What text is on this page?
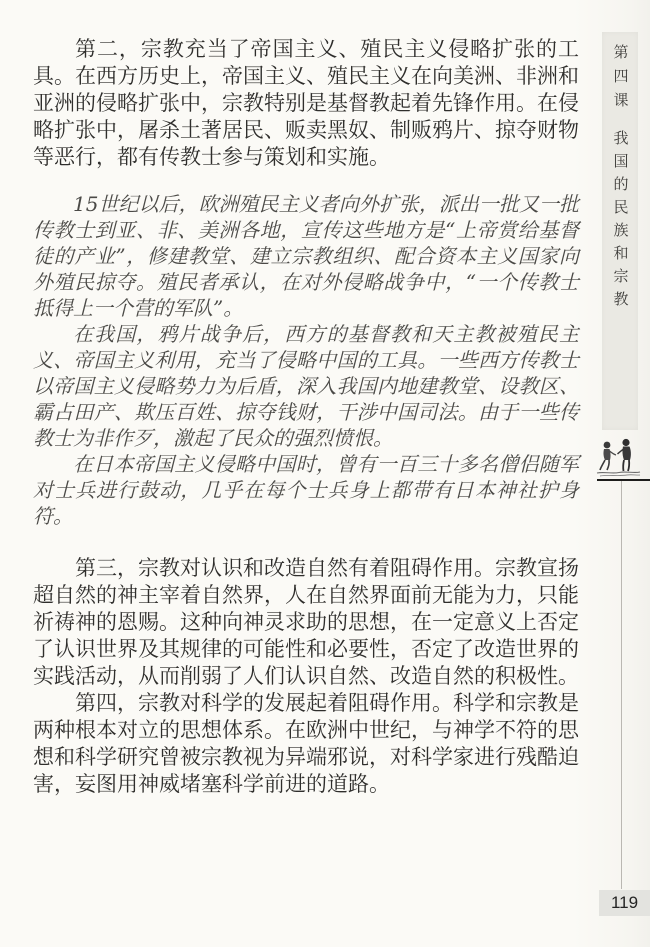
第二，宗教充当了帝国主义、殖民主义侵略扩张的工具。在西方历史上，帝国主义、殖民主义在向美洲、非洲和亚洲的侵略扩张中，宗教特别是基督教起着先锋作用。在侵略扩张中，屠杀土著居民、贩卖黑奴、制贩鸦片、掠夺财物等恶行，都有传教士参与策划和实施。

15世纪以后，欧洲殖民主义者向外扩张，派出一批又一批传教士到亚、非、美洲各地，宣传这些地方是“上帝赏给基督徒的产业”，修建教堂、建立宗教组织、配合资本主义国家向外殖民掠夺。殖民者承认，在对外侵略战争中，“一个传教士抵得上一个营的军队”。

在我国，鸦片战争后，西方的基督教和天主教被殖民主义、帝国主义利用，充当了侵略中国的工具。一些西方传教士以帝国主义侵略势力为后盾，深入我国内地建教堂、设教区、霸占田产、欺压百姓、掠夺钱财，干涉中国司法。由于一些传教士为非作歹，激起了民众的强烈愤恨。

在日本帝国主义侵略中国时，曾有一百三十多名僧侣随军对士兵进行鼓动，几乎在每个士兵身上都带有日本神社护身符。

第三，宗教对认识和改造自然有着阻碍作用。宗教宣扬超自然的神主宰着自然界，人在自然界面前无能为力，只能祈祷神的恩赐。这种向神灵求助的思想，在一定意义上否定了认识世界及其规律的可能性和必要性，否定了改造世界的实践活动，从而削弱了人们认识自然、改造自然的积极性。

第四，宗教对科学的发展起着阻碍作用。科学和宗教是两种根本对立的思想体系。在欧洲中世纪，与神学不符的思想和科学研究曾被宗教视为异端邪说，对科学家进行残酷迫害，妄图用神威堵塞科学前进的道路。

第四课
我国的民族和宗教
119
